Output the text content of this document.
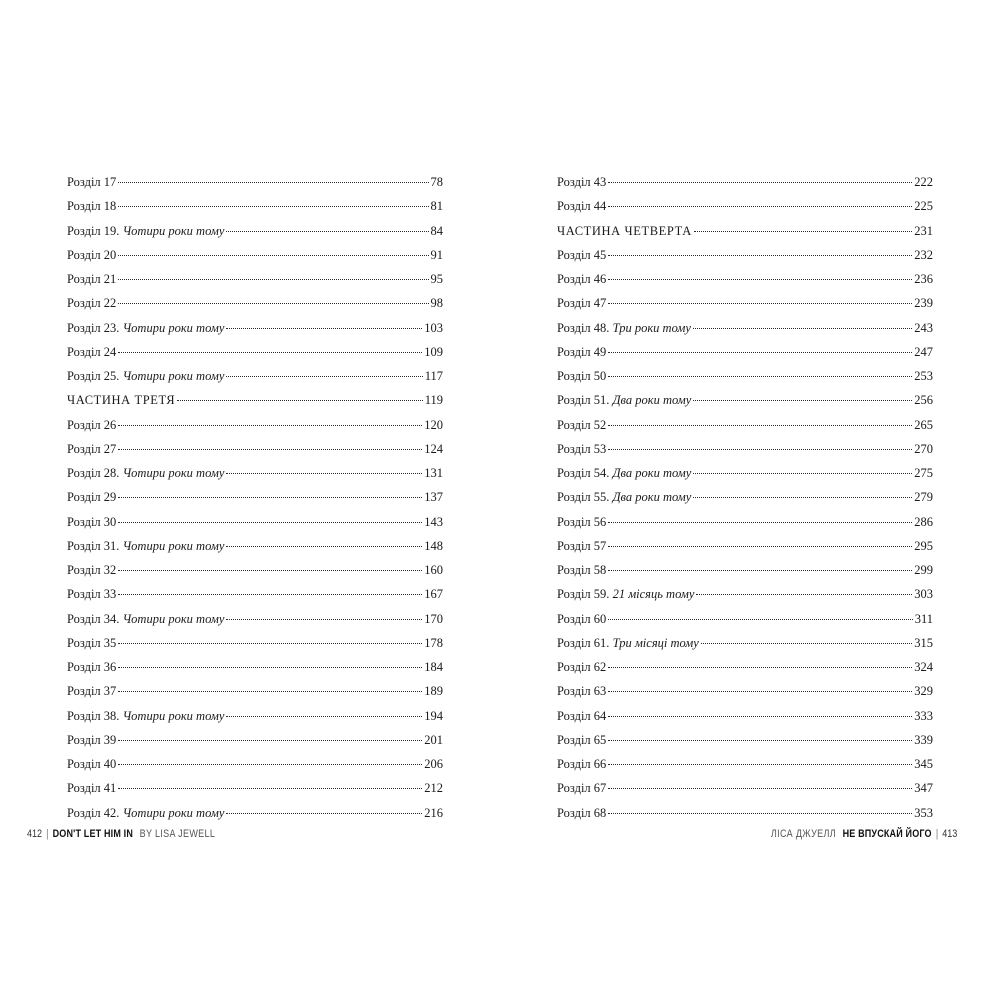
Розділ 17	78
Розділ 18	81
Розділ 19. Чотири роки тому	84
Розділ 20	91
Розділ 21	95
Розділ 22	98
Розділ 23. Чотири роки тому	103
Розділ 24	109
Розділ 25. Чотири роки тому	117
ЧАСТИНА ТРЕТЯ	119
Розділ 26	120
Розділ 27	124
Розділ 28. Чотири роки тому	131
Розділ 29	137
Розділ 30	143
Розділ 31. Чотири роки тому	148
Розділ 32	160
Розділ 33	167
Розділ 34. Чотири роки тому	170
Розділ 35	178
Розділ 36	184
Розділ 37	189
Розділ 38. Чотири роки тому	194
Розділ 39	201
Розділ 40	206
Розділ 41	212
Розділ 42. Чотири роки тому	216
412 | DON'T LET HIM IN BY LISA JEWELL
Розділ 43	222
Розділ 44	225
ЧАСТИНА ЧЕТВЕРТА	231
Розділ 45	232
Розділ 46	236
Розділ 47	239
Розділ 48. Три роки тому	243
Розділ 49	247
Розділ 50	253
Розділ 51. Два роки тому	256
Розділ 52	265
Розділ 53	270
Розділ 54. Два роки тому	275
Розділ 55. Два роки тому	279
Розділ 56	286
Розділ 57	295
Розділ 58	299
Розділ 59. 21 місяць тому	303
Розділ 60	311
Розділ 61. Три місяці тому	315
Розділ 62	324
Розділ 63	329
Розділ 64	333
Розділ 65	339
Розділ 66	345
Розділ 67	347
Розділ 68	353
ЛІСА ДЖУЕЛЛ НЕ ВПУСКАЙ ЙОГО | 413
